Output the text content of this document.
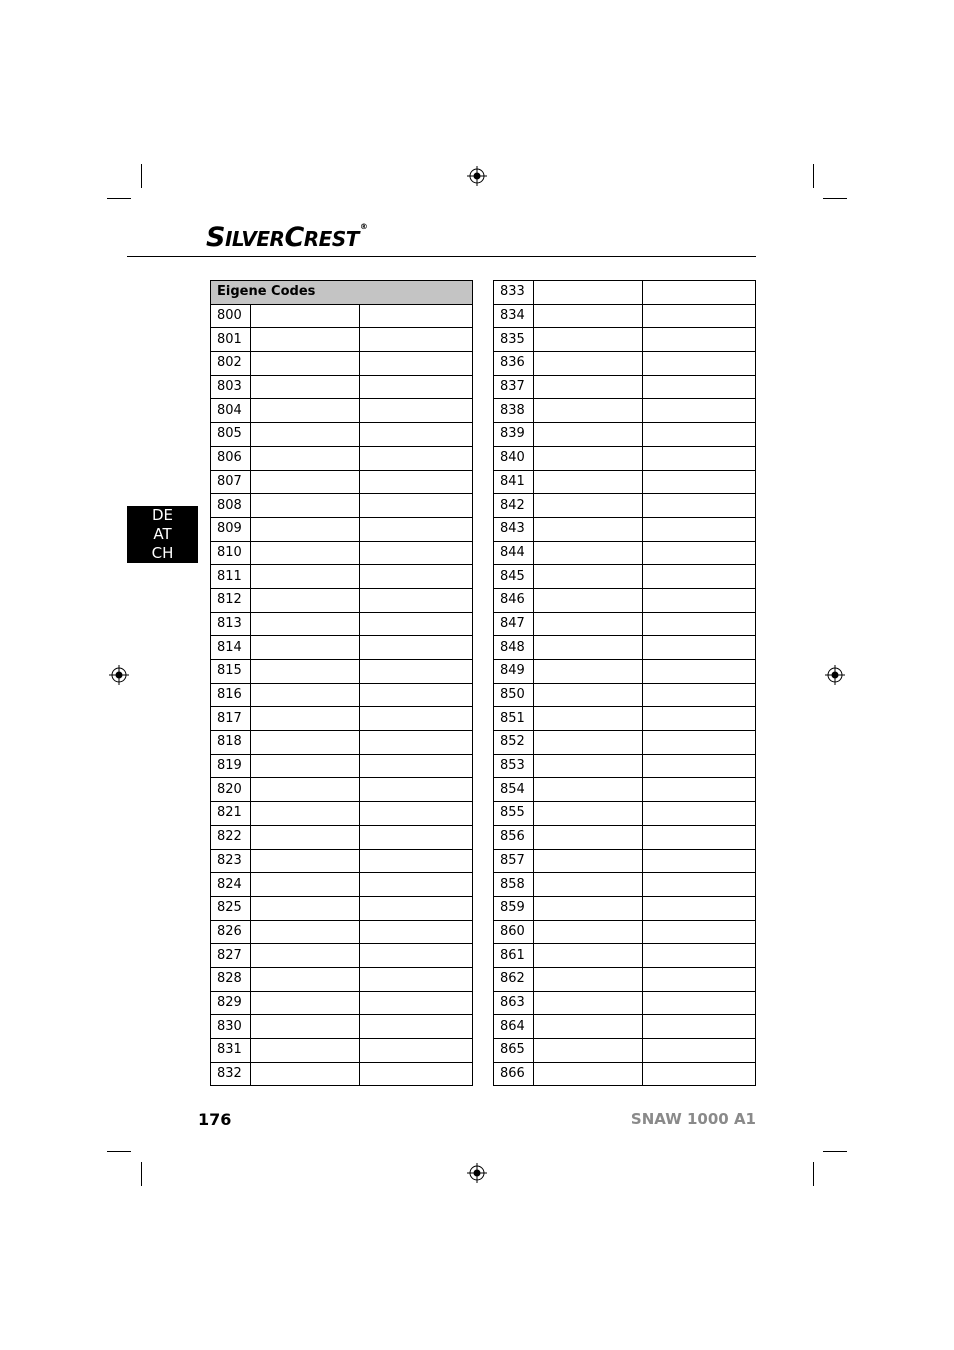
SILVERCREST®
DE
AT
CH
Eigene Codes		
800		
801		
802		
803		
804		
805		
806		
807		
808		
809		
810		
811		
812		
813		
814		
815		
816		
817		
818		
819		
820		
821		
822		
823		
824		
825		
826		
827		
828		
829		
830		
831		
832		
833		
834		
835		
836		
837		
838		
839		
840		
841		
842		
843		
844		
845		
846		
847		
848		
849		
850		
851		
852		
853		
854		
855		
856		
857		
858		
859		
860		
861		
862		
863		
864		
865		
866		
176	SNAW 1000 A1
